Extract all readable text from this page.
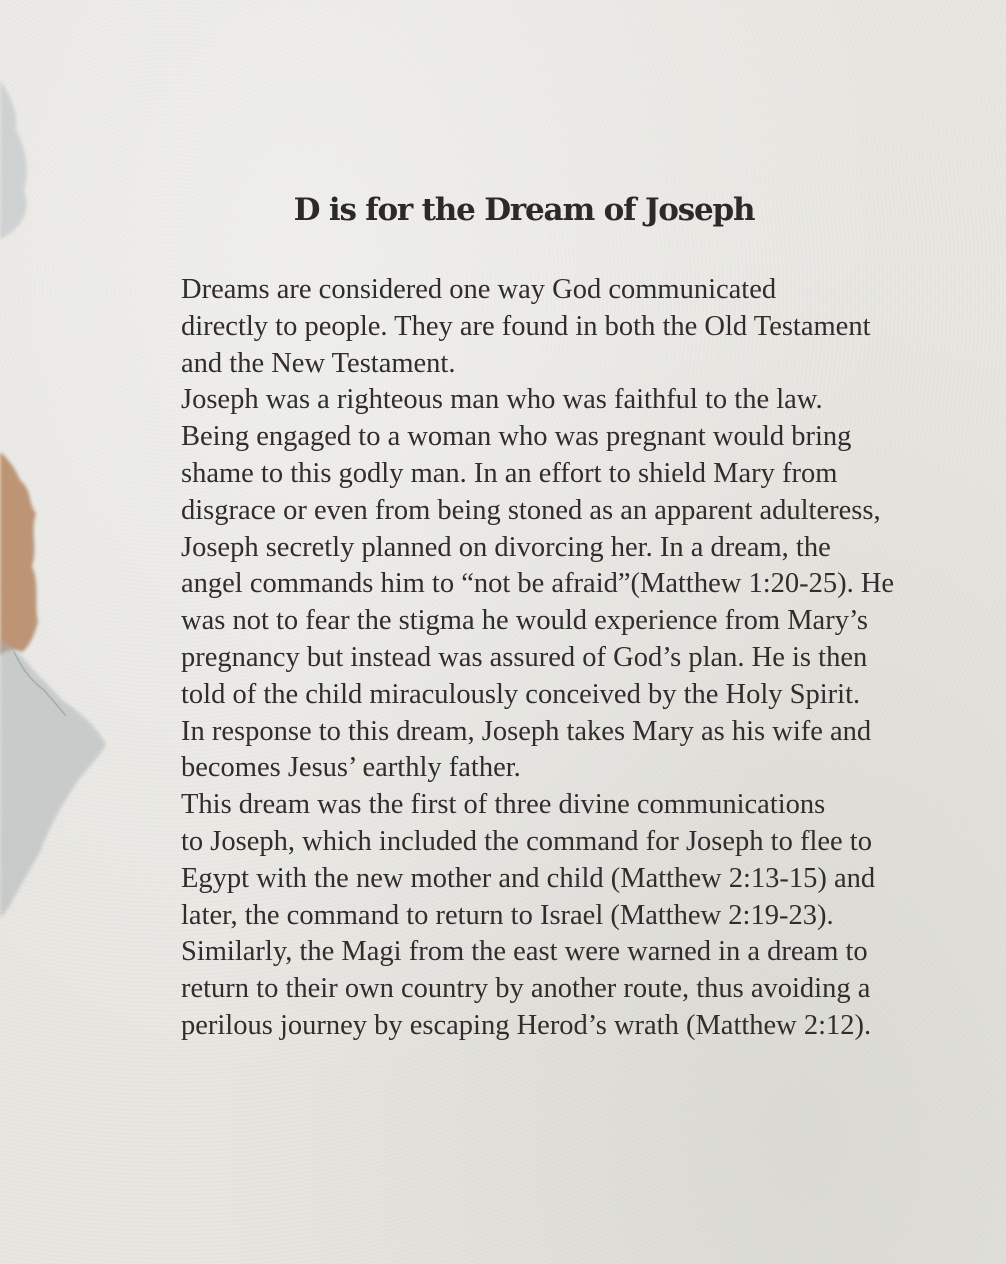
D is for the Dream of Joseph

Dreams are considered one way God communicated
directly to people. They are found in both the Old Testament
and the New Testament.

Joseph was a righteous man who was faithful to the law.
Being engaged to a woman who was pregnant would bring
shame to this godly man. In an effort to shield Mary from
disgrace or even from being stoned as an apparent adulteress,
Joseph secretly planned on divorcing her. In a dream, the
angel commands him to “not be afraid”(Matthew 1:20-25). He
was not to fear the stigma he would experience from Mary’s
pregnancy but instead was assured of God’s plan. He is then
told of the child miraculously conceived by the Holy Spirit.
In response to this dream, Joseph takes Mary as his wife and
becomes Jesus’ earthly father.

This dream was the first of three divine communications
to Joseph, which included the command for Joseph to flee to
Egypt with the new mother and child (Matthew 2:13-15) and
later, the command to return to Israel (Matthew 2:19-23).
Similarly, the Magi from the east were warned in a dream to
return to their own country by another route, thus avoiding a
perilous journey by escaping Herod’s wrath (Matthew 2:12).
